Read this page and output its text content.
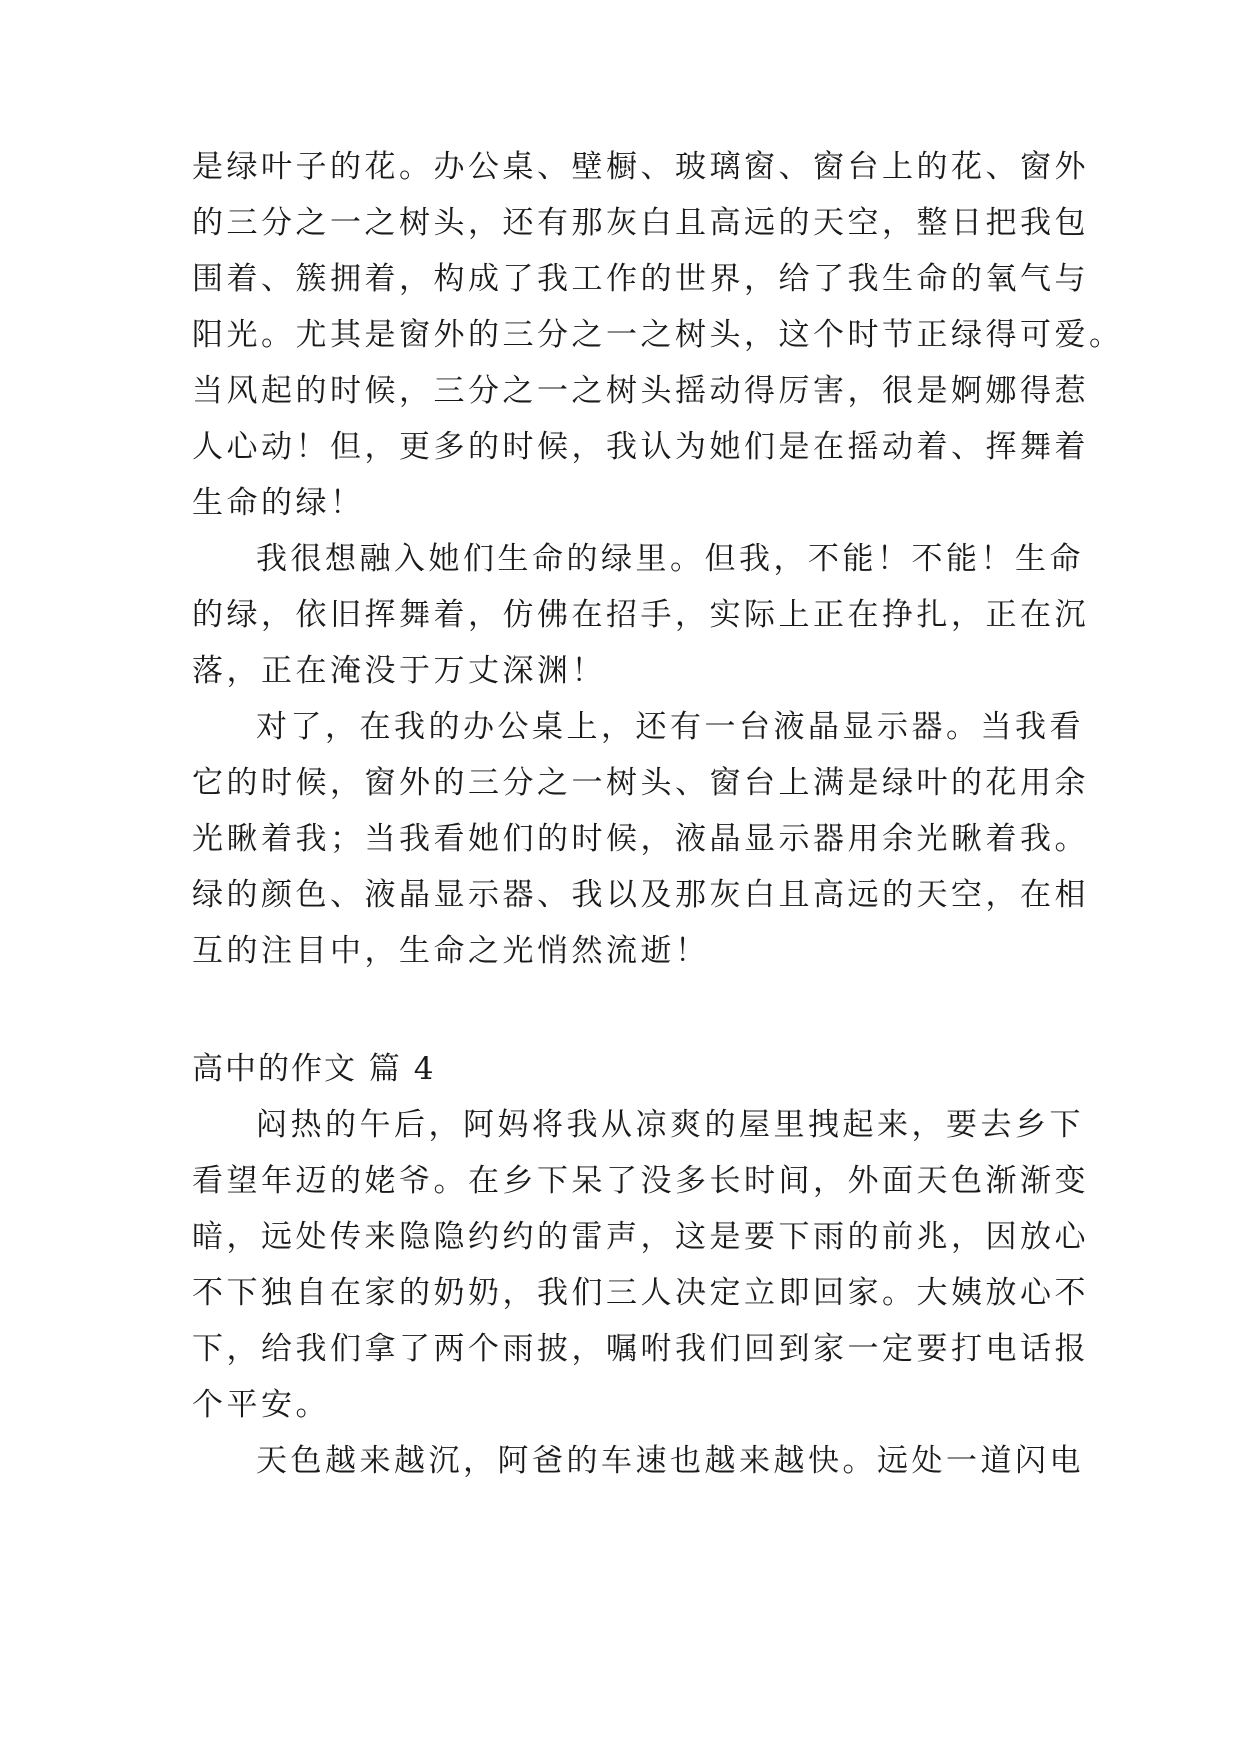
是绿叶子的花。办公桌、壁橱、玻璃窗、窗台上的花、窗外
的三分之一之树头，还有那灰白且高远的天空，整日把我包
围着、簇拥着，构成了我工作的世界，给了我生命的氧气与
阳光。尤其是窗外的三分之一之树头，这个时节正绿得可爱。
当风起的时候，三分之一之树头摇动得厉害，很是婀娜得惹
人心动！但，更多的时候，我认为她们是在摇动着、挥舞着
生命的绿！
我很想融入她们生命的绿里。但我，不能！不能！生命
的绿，依旧挥舞着，仿佛在招手，实际上正在挣扎，正在沉
落，正在淹没于万丈深渊！
对了，在我的办公桌上，还有一台液晶显示器。当我看
它的时候，窗外的三分之一树头、窗台上满是绿叶的花用余
光瞅着我；当我看她们的时候，液晶显示器用余光瞅着我。
绿的颜色、液晶显示器、我以及那灰白且高远的天空，在相
互的注目中，生命之光悄然流逝！
高中的作文 篇 4
闷热的午后，阿妈将我从凉爽的屋里拽起来，要去乡下
看望年迈的姥爷。在乡下呆了没多长时间，外面天色渐渐变
暗，远处传来隐隐约约的雷声，这是要下雨的前兆，因放心
不下独自在家的奶奶，我们三人决定立即回家。大姨放心不
下，给我们拿了两个雨披，嘱咐我们回到家一定要打电话报
个平安。
天色越来越沉，阿爸的车速也越来越快。远处一道闪电
